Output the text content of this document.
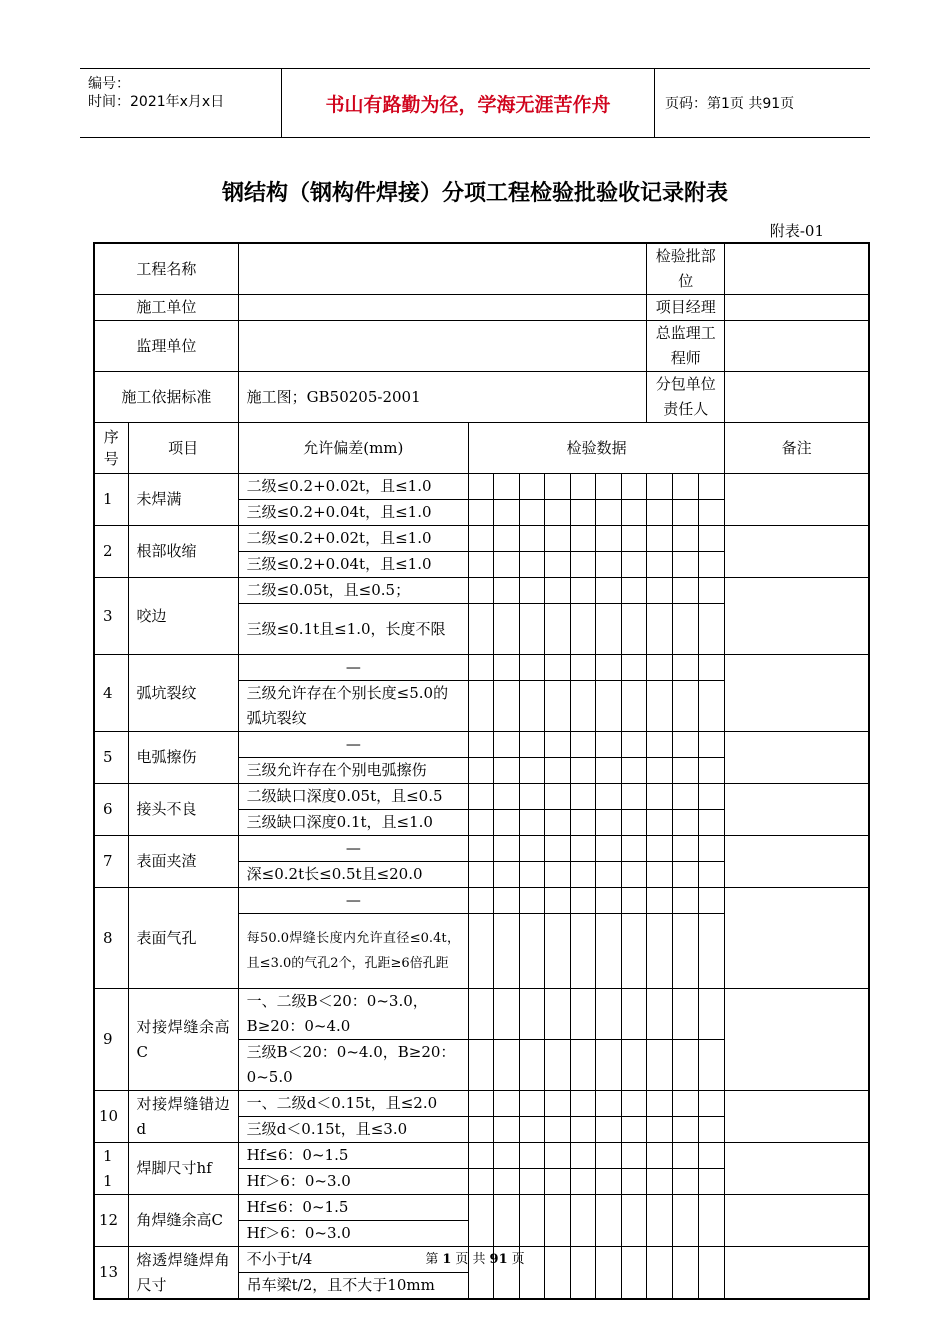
编号：
时间：2021年x月x日	书山有路勤为径，学海无涯苦作舟	页码：第1页 共91页
钢结构（钢构件焊接）分项工程检验批验收记录附表
附表-01
工程名称										检验批部位			
施工单位										项目经理			
监理单位										总监理工程师			
施工依据标准		施工图；GB50205-2001								分包单位责任人			
序号	项目	允许偏差(mm)	检验数据										备注
1	未焊满	二级≤0.2+0.02t，且≤1.0											
		三级≤0.2+0.04t，且≤1.0											
2	根部收缩	二级≤0.2+0.02t，且≤1.0											
		三级≤0.2+0.04t，且≤1.0											
3	咬边	二级≤0.05t，且≤0.5；											
		三级≤0.1t且≤1.0，长度不限											
4	弧坑裂纹	—											
		三级允许存在个别长度≤5.0的弧坑裂纹											
5	电弧擦伤	—											
		三级允许存在个别电弧擦伤											
6	接头不良	二级缺口深度0.05t，且≤0.5											
		三级缺口深度0.1t，且≤1.0											
7	表面夹渣	—											
		深≤0.2t长≤0.5t且≤20.0											
8	表面气孔	—											
		每50.0焊缝长度内允许直径≤0.4t，且≤3.0的气孔2个，孔距≥6倍孔距											
9	对接焊缝余高C	一、二级B＜20：0~3.0，B≥20：0~4.0											
		三级B＜20：0~4.0，B≥20：0~5.0											
10	对接焊缝错边d	一、二级d＜0.15t，且≤2.0											
		三级d＜0.15t，且≤3.0											
11	焊脚尺寸hf	Hf≤6：0~1.5											
		Hf＞6：0~3.0											
12	角焊缝余高C	Hf≤6：0~1.5											
		Hf＞6：0~3.0											
13	熔透焊缝焊角尺寸	不小于t/4											
		吊车梁t/2，且不大于10mm											
第 1 页 共 91 页
